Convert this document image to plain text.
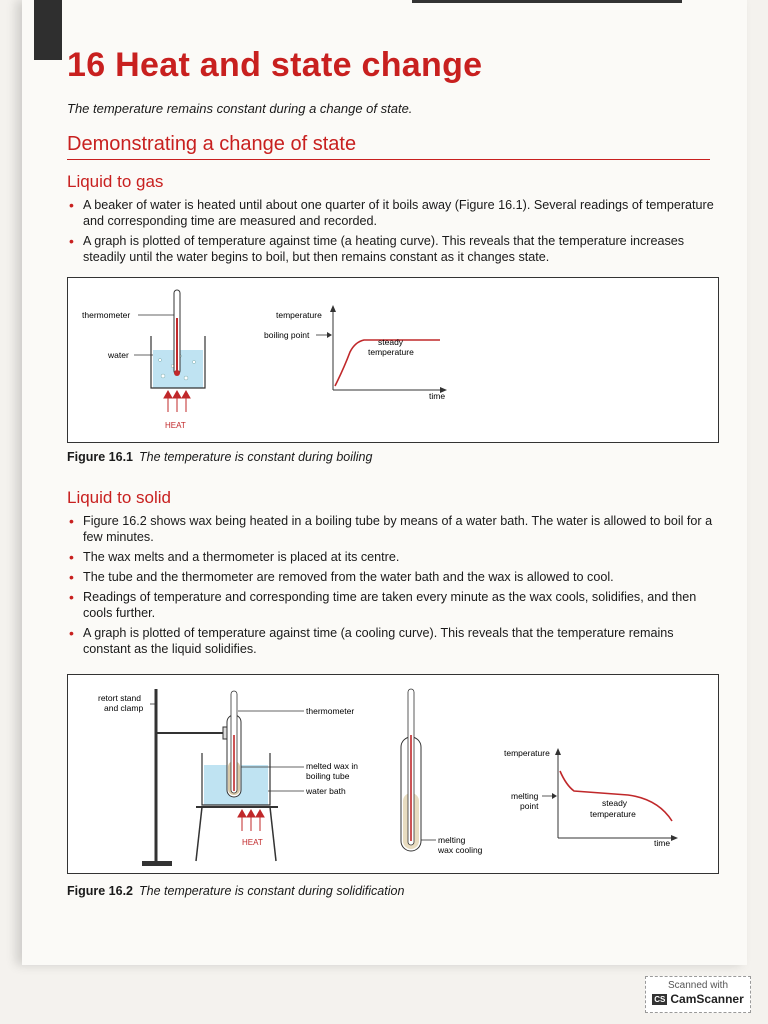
16 Heat and state change
The temperature remains constant during a change of state.
Demonstrating a change of state
Liquid to gas
• A beaker of water is heated until about one quarter of it boils away (Figure 16.1). Several readings of temperature and corresponding time are measured and recorded.
• A graph is plotted of temperature against time (a heating curve). This reveals that the temperature increases steadily until the water begins to boil, but then remains constant as it changes state.
HEAT
thermometer
water
temperature
boiling point
steady
temperature
time
Figure 16.1 The temperature is constant during boiling
Liquid to solid
• Figure 16.2 shows wax being heated in a boiling tube by means of a water bath. The water is allowed to boil for a few minutes.
• The wax melts and a thermometer is placed at its centre.
• The tube and the thermometer are removed from the water bath and the wax is allowed to cool.
• Readings of temperature and corresponding time are taken every minute as the wax cools, solidifies, and then cools further.
• A graph is plotted of temperature against time (a cooling curve). This reveals that the temperature remains constant as the liquid solidifies.
HEAT
retort stand
and clamp	thermometer
melted wax in
boiling tube
water bath
melting
wax cooling
temperature
melting
point	steady
temperature
time
Figure 16.2 The temperature is constant during solidification
Scanned with
CS CamScanner
